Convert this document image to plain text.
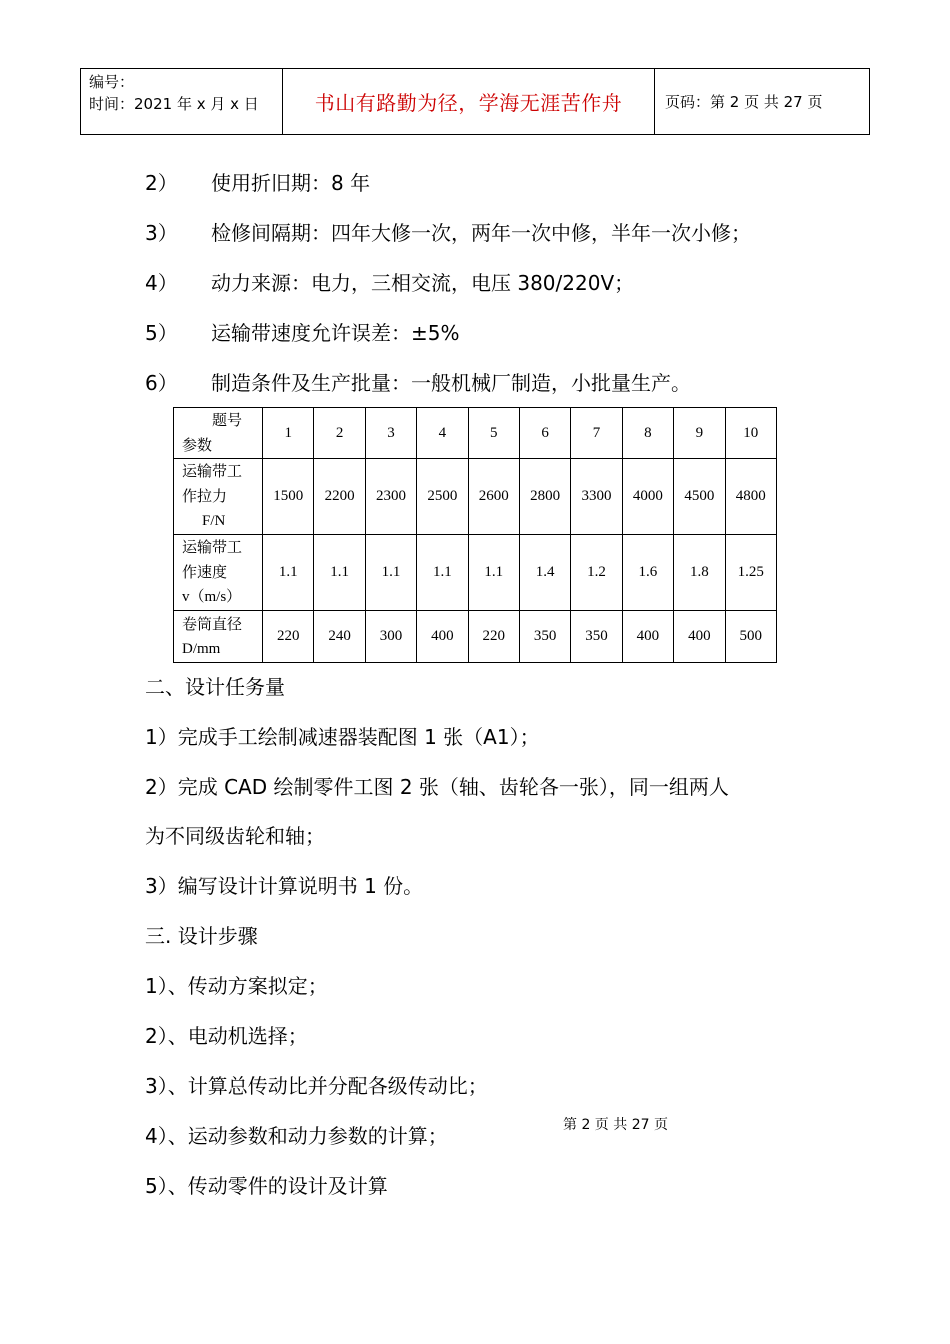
编号：
时间：2021 年 x 月 x 日	书山有路勤为径，学海无涯苦作舟	页码：第 2 页 共 27 页
2） 使用折旧期：8 年
3） 检修间隔期：四年大修一次，两年一次中修，半年一次小修；
4） 动力来源：电力，三相交流，电压 380/220V；
5） 运输带速度允许误差：±5%
6） 制造条件及生产批量：一般机械厂制造，小批量生产。
题号
参数	1	2	3	4	5	6	7	8	9	10

运输带工
作拉力
F/N	1500	2200	2300	2500	2600	2800	3300	4000	4500	4800

运输带工
作速度
v（m/s）	1.1	1.1	1.1	1.1	1.1	1.4	1.2	1.6	1.8	1.25

卷筒直径
D/mm	220	240	300	400	220	350	350	400	400	500
二、设计任务量
1）完成手工绘制减速器装配图 1 张（A1）；
2）完成 CAD 绘制零件工图 2 张（轴、齿轮各一张），同一组两人
为不同级齿轮和轴；
3）编写设计计算说明书 1 份。
三. 设计步骤
1）、传动方案拟定；
2）、电动机选择；
3）、计算总传动比并分配各级传动比；
4）、运动参数和动力参数的计算；
5）、传动零件的设计及计算
第 2 页 共 27 页
